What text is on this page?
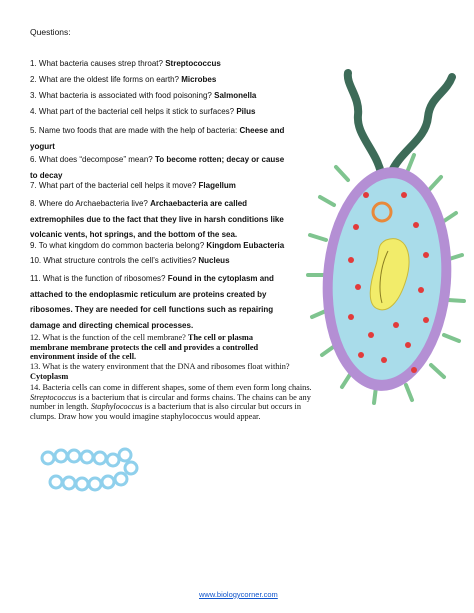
Questions:
1. What bacteria causes strep throat? Streptococcus
2. What are the oldest life forms on earth? Microbes
3. What bacteria is associated with food poisoning? Salmonella
4. What part of the bacterial cell helps it stick to surfaces? Pilus
5. Name two foods that are made with the help of bacteria: Cheese and yogurt
6. What does “decompose” mean? To become rotten; decay or cause to decay
7. What part of the bacterial cell helps it move? Flagellum
8. Where do Archaebacteria live? Archaebacteria are called extremophiles due to the fact that they live in harsh conditions like volcanic vents, hot springs, and the bottom of the sea.
9. To what kingdom do common bacteria belong? Kingdom Eubacteria
10. What structure controls the cell’s activities? Nucleus
11. What is the function of ribosomes? Found in the cytoplasm and attached to the endoplasmic reticulum are proteins created by ribosomes. They are needed for cell functions such as repairing damage and directing chemical processes.
12. What is the function of the cell membrane? The cell or plasma membrane membrane protects the cell and provides a controlled environment inside of the cell.
13. What is the watery environment that the DNA and ribosomes float within? Cytoplasm
14. Bacteria cells can come in different shapes, some of them even form long chains. Streptococcus is a bacterium that is circular and forms chains. The chains can be any number in length. Staphylococcus is a bacterium that is also circular but occurs in clumps. Draw how you would imagine staphylococcus would appear.
www.biologycorner.com
